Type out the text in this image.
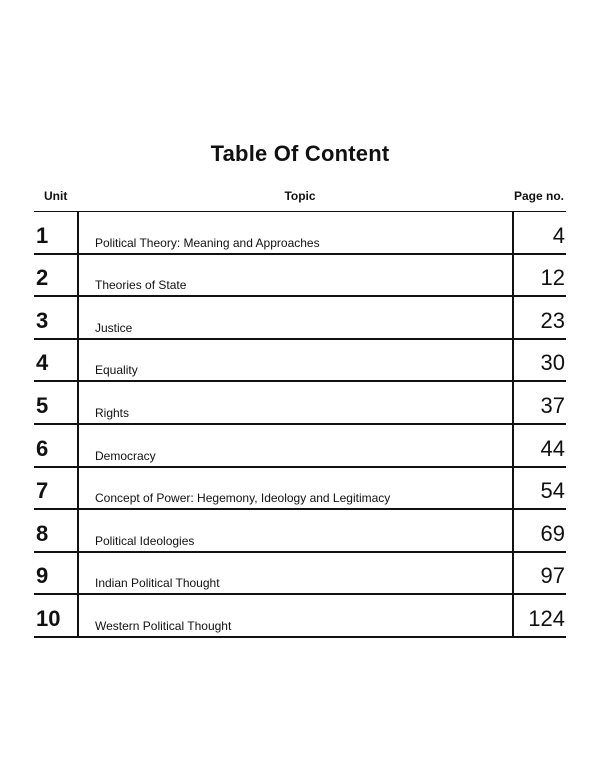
Table Of Content
Unit	Topic	Page no.
1	Political Theory: Meaning and Approaches	4
2	Theories of State	12
3	Justice	23
4	Equality	30
5	Rights	37
6	Democracy	44
7	Concept of Power: Hegemony, Ideology and Legitimacy	54
8	Political Ideologies	69
9	Indian Political Thought	97
10	Western Political Thought	124
